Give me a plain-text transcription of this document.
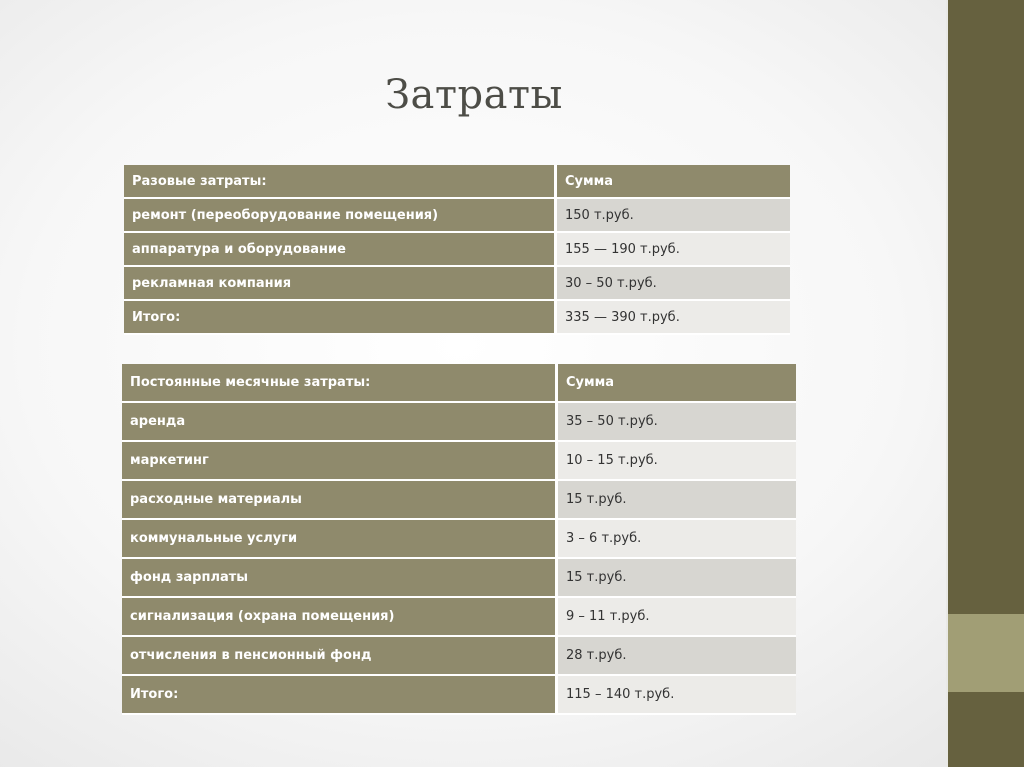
Затраты
Разовые затраты:	Сумма
ремонт (переоборудование помещения)	150 т.руб.
аппаратура и оборудование	155 — 190 т.руб.
рекламная компания	30 – 50 т.руб.
Итого:	335 — 390 т.руб.
Постоянные месячные затраты:	Сумма
аренда	35 – 50 т.руб.
маркетинг	10 – 15 т.руб.
расходные материалы	15 т.руб.
коммунальные услуги	3 – 6 т.руб.
фонд зарплаты	15 т.руб.
сигнализация (охрана помещения)	9 – 11 т.руб.
отчисления в пенсионный фонд	28 т.руб.
Итого:	115 – 140 т.руб.
